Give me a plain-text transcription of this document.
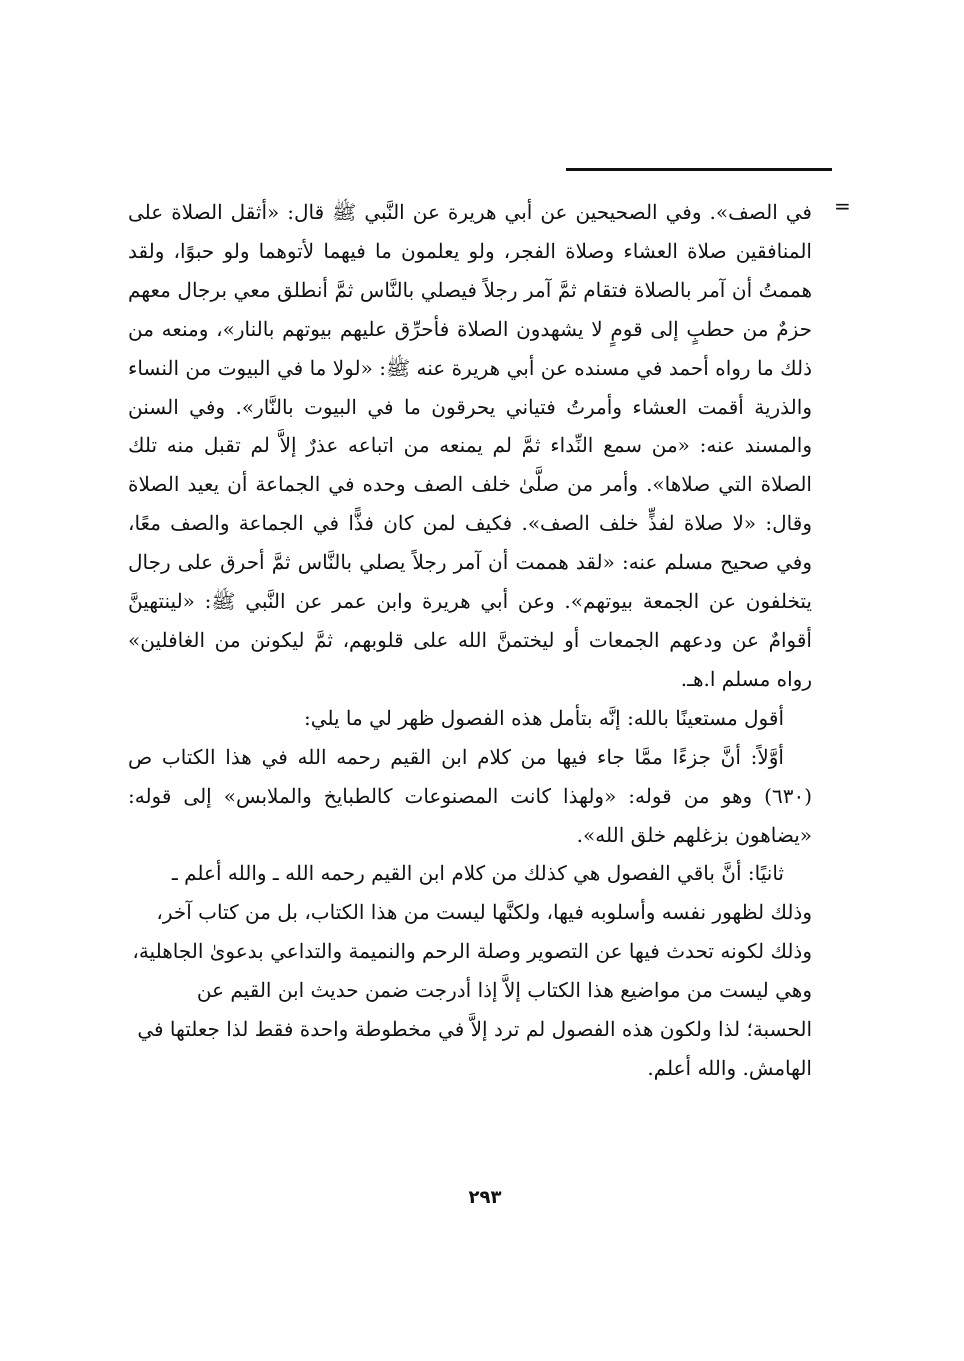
=

في الصف». وفي الصحيحين عن أبي هريرة عن النَّبي ﷺ قال: «أثقل الصلاة على المنافقين صلاة العشاء وصلاة الفجر، ولو يعلمون ما فيهما لأتوهما ولو حبوًا، ولقد هممتُ أن آمر بالصلاة فتقام ثمَّ آمر رجلاً فيصلي بالنَّاس ثمَّ أنطلق معي برجال معهم حزمٌ من حطبٍ إلى قومٍ لا يشهدون الصلاة فأحرِّق عليهم بيوتهم بالنار»، ومنعه من ذلك ما رواه أحمد في مسنده عن أبي هريرة عنه ﷺ: «لولا ما في البيوت من النساء والذرية أقمت العشاء وأمرتُ فتياني يحرقون ما في البيوت بالنَّار». وفي السنن والمسند عنه: «من سمع النِّداء ثمَّ لم يمنعه من اتباعه عذرٌ إلاَّ لم تقبل منه تلك الصلاة التي صلاها». وأمر من صلَّىٰ خلف الصف وحده في الجماعة أن يعيد الصلاة وقال: «لا صلاة لفذٍّ خلف الصف». فكيف لمن كان فذًّا في الجماعة والصف معًا، وفي صحيح مسلم عنه: «لقد هممت أن آمر رجلاً يصلي بالنَّاس ثمَّ أحرق على رجال يتخلفون عن الجمعة بيوتهم». وعن أبي هريرة وابن عمر عن النَّبي ﷺ: «لينتهينَّ أقوامٌ عن ودعهم الجمعات أو ليختمنَّ الله على قلوبهم، ثمَّ ليكونن من الغافلين» رواه مسلم ا.هـ.

أقول مستعينًا بالله: إنَّه بتأمل هذه الفصول ظهر لي ما يلي:

أوَّلاً: أنَّ جزءًا ممَّا جاء فيها من كلام ابن القيم رحمه الله في هذا الكتاب ص (٦٣٠) وهو من قوله: «ولهذا كانت المصنوعات كالطبايخ والملابس» إلى قوله: «يضاهون بزغلهم خلق الله».

ثانيًا: أنَّ باقي الفصول هي كذلك من كلام ابن القيم رحمه الله ـ والله أعلم ـ وذلك لظهور نفسه وأسلوبه فيها، ولكنَّها ليست من هذا الكتاب، بل من كتاب آخر، وذلك لكونه تحدث فيها عن التصوير وصلة الرحم والنميمة والتداعي بدعوىٰ الجاهلية، وهي ليست من مواضيع هذا الكتاب إلاَّ إذا أدرجت ضمن حديث ابن القيم عن الحسبة؛ لذا ولكون هذه الفصول لم ترد إلاَّ في مخطوطة واحدة فقط لذا جعلتها في الهامش. والله أعلم.

٢٩٣
